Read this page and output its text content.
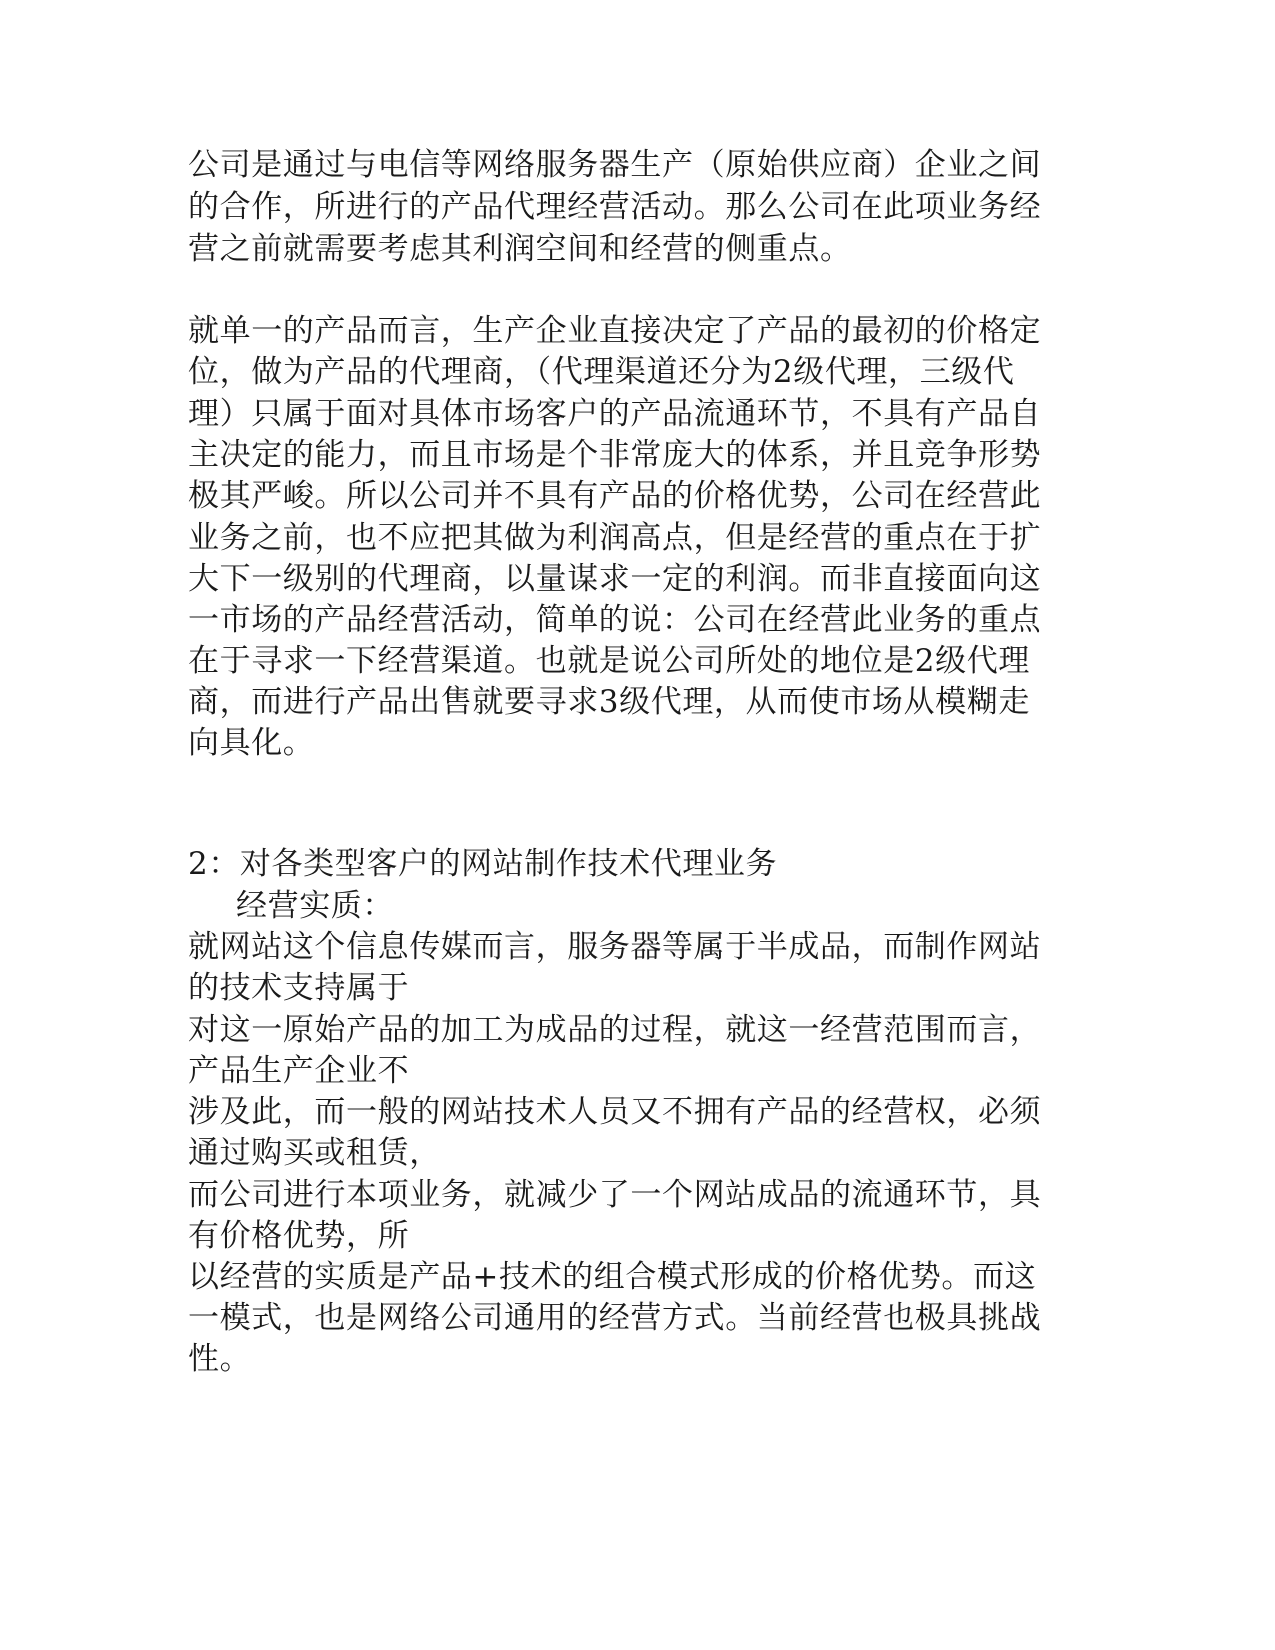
公司是通过与电信等网络服务器生产（原始供应商）企业之间

的合作，所进行的产品代理经营活动。那么公司在此项业务经

营之前就需要考虑其利润空间和经营的侧重点。

就单一的产品而言，生产企业直接决定了产品的最初的价格定

位，做为产品的代理商，（代理渠道还分为2级代理，三级代

理）只属于面对具体市场客户的产品流通环节，不具有产品自

主决定的能力，而且市场是个非常庞大的体系，并且竞争形势

极其严峻。所以公司并不具有产品的价格优势，公司在经营此

业务之前，也不应把其做为利润高点，但是经营的重点在于扩

大下一级别的代理商，以量谋求一定的利润。而非直接面向这

一市场的产品经营活动，简单的说：公司在经营此业务的重点

在于寻求一下经营渠道。也就是说公司所处的地位是2级代理

商，而进行产品出售就要寻求3级代理，从而使市场从模糊走

向具化。

2：对各类型客户的网站制作技术代理业务

经营实质：

就网站这个信息传媒而言，服务器等属于半成品，而制作网站

的技术支持属于

对这一原始产品的加工为成品的过程，就这一经营范围而言，

产品生产企业不

涉及此，而一般的网站技术人员又不拥有产品的经营权，必须

通过购买或租赁，

而公司进行本项业务，就减少了一个网站成品的流通环节，具

有价格优势，所

以经营的实质是产品+技术的组合模式形成的价格优势。而这

一模式，也是网络公司通用的经营方式。当前经营也极具挑战

性。
